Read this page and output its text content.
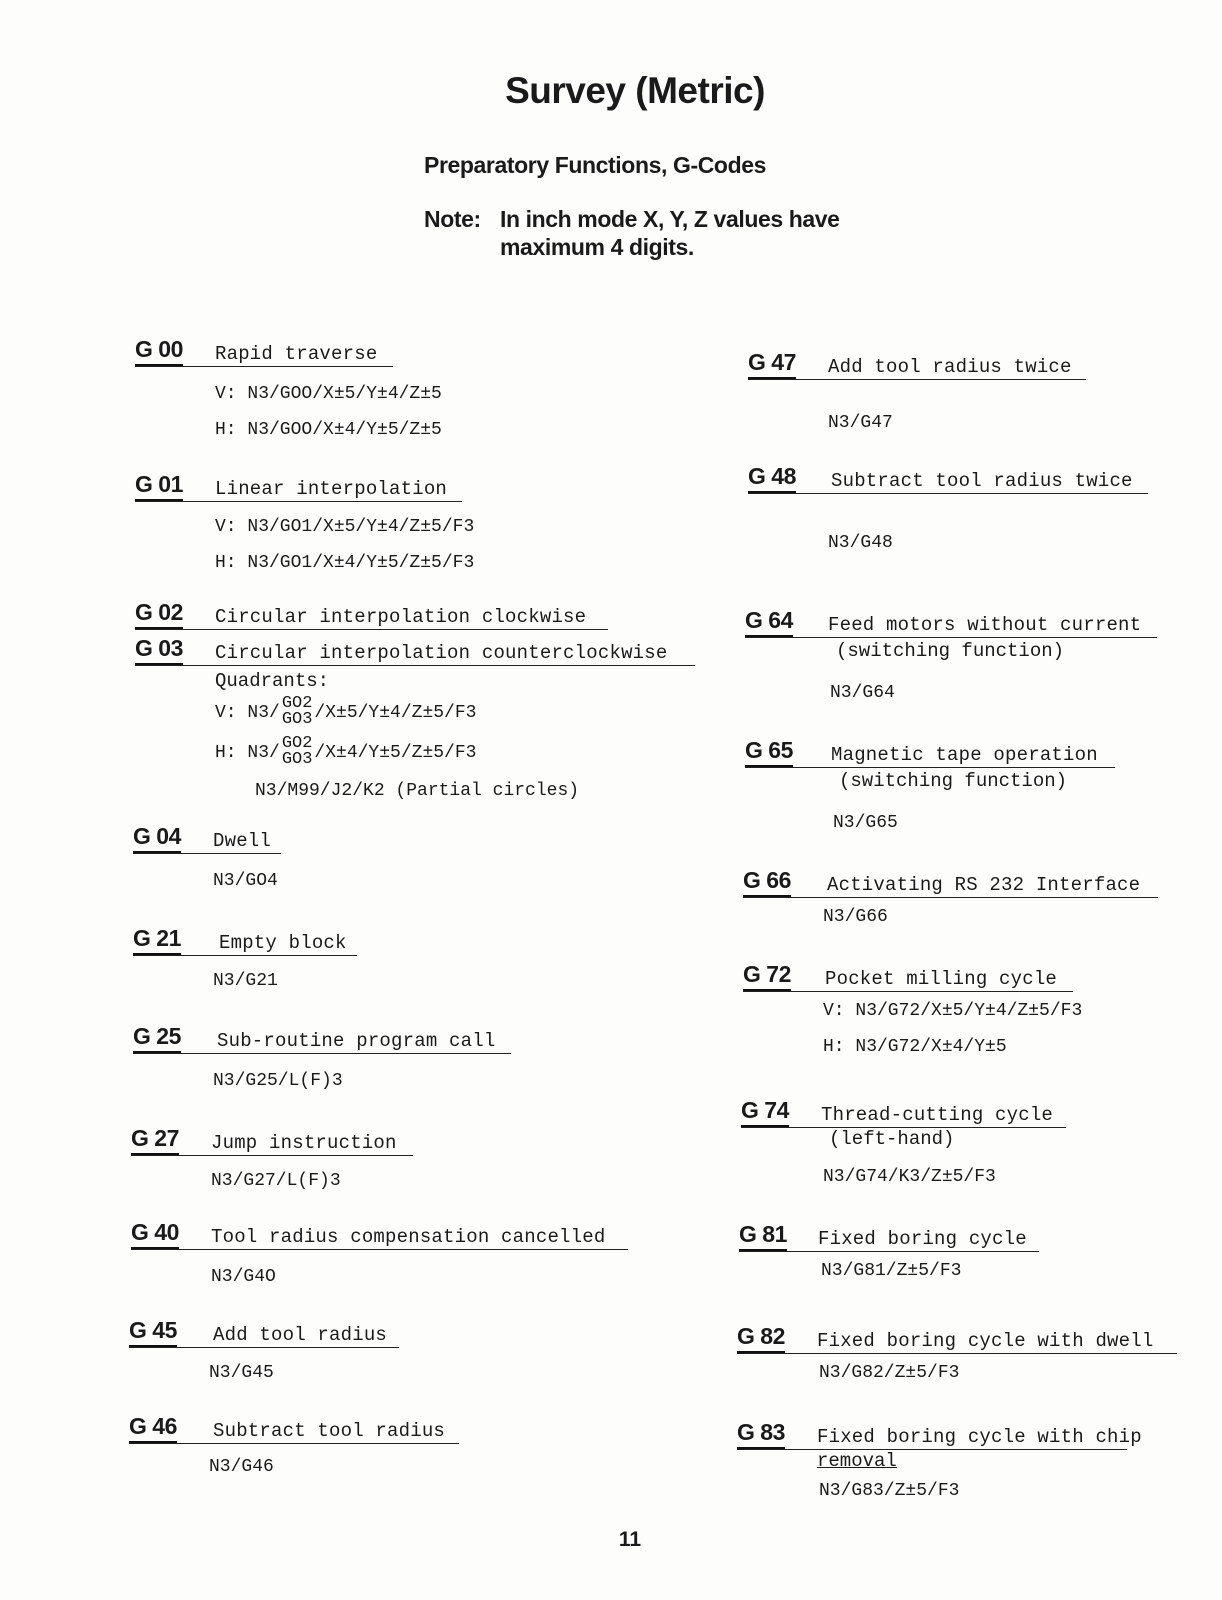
Survey (Metric)
Preparatory Functions, G-Codes
Note: In inch mode X, Y, Z values have maximum 4 digits.
G 00 Rapid traverse
V: N3/GOO/X±5/Y±4/Z±5
H: N3/GOO/X±4/Y±5/Z±5
G 01 Linear interpolation
V: N3/GO1/X±5/Y±4/Z±5/F3
H: N3/GO1/X±4/Y±5/Z±5/F3
G 02 Circular interpolation clockwise
G 03 Circular interpolation counterclockwise
Quadrants:
V: N3/ GO2
GO3 /X±5/Y±4/Z±5/F3
H: N3/ GO2
GO3 /X±4/Y±5/Z±5/F3
N3/M99/J2/K2 (Partial circles)
G 04 Dwell
N3/GO4
G 21 Empty block
N3/G21
G 25 Sub-routine program call
N3/G25/L(F)3
G 27 Jump instruction
N3/G27/L(F)3
G 40 Tool radius compensation cancelled
N3/G4O
G 45 Add tool radius
N3/G45
G 46 Subtract tool radius
N3/G46
G 47 Add tool radius twice
N3/G47
G 48 Subtract tool radius twice
N3/G48
G 64 Feed motors without current
(switching function)
N3/G64
G 65 Magnetic tape operation
(switching function)
N3/G65
G 66 Activating RS 232 Interface
N3/G66
G 72 Pocket milling cycle
V: N3/G72/X±5/Y±4/Z±5/F3
H: N3/G72/X±4/Y±5
G 74 Thread-cutting cycle
(left-hand)
N3/G74/K3/Z±5/F3
G 81 Fixed boring cycle
N3/G81/Z±5/F3
G 82 Fixed boring cycle with dwell
N3/G82/Z±5/F3
G 83 Fixed boring cycle with chip
removal
N3/G83/Z±5/F3
11
